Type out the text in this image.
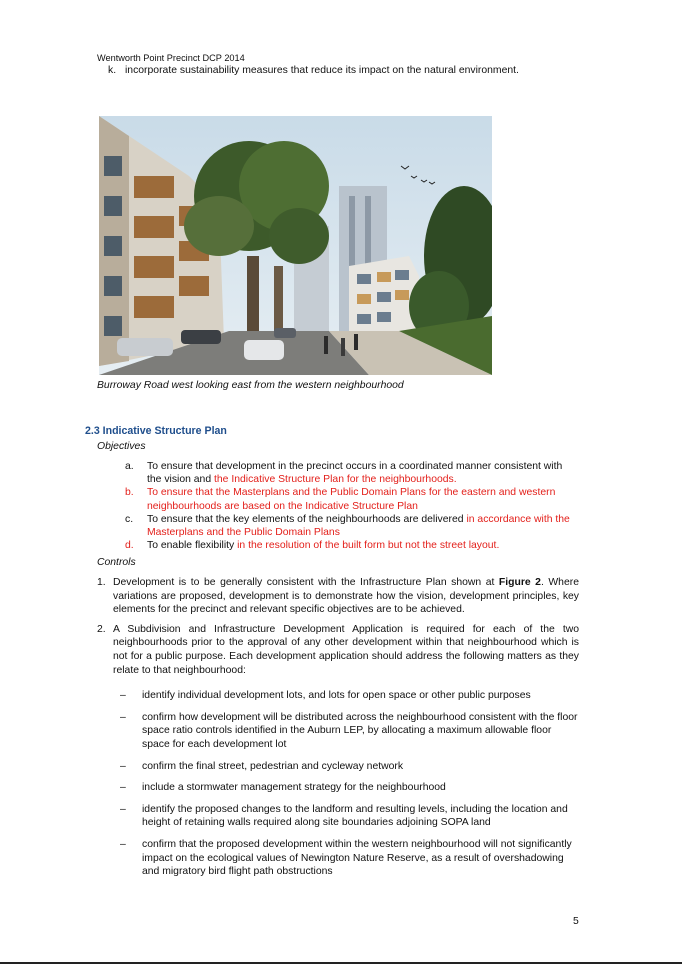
Wentworth Point Precinct DCP 2014
k. incorporate sustainability measures that reduce its impact on the natural environment.
Burroway Road west looking east from the western neighbourhood
2.3 Indicative Structure Plan
Objectives
a.	To ensure that development in the precinct occurs in a coordinated manner consistent with the vision and the Indicative Structure Plan for the neighbourhoods.
b.	To ensure that the Masterplans and the Public Domain Plans for the eastern and western neighbourhoods are based on the Indicative Structure Plan
c.	To ensure that the key elements of the neighbourhoods are delivered in accordance with the Masterplans and the Public Domain Plans
d.	To enable flexibility in the resolution of the built form but not the street layout.
Controls
1. Development is to be generally consistent with the Infrastructure Plan shown at Figure 2. Where variations are proposed, development is to demonstrate how the vision, development principles, key elements for the precinct and relevant specific objectives are to be achieved.
2. A Subdivision and Infrastructure Development Application is required for each of the two neighbourhoods prior to the approval of any other development within that neighbourhood which is not for a public purpose. Each development application should address the following matters as they relate to that neighbourhood:
–	identify individual development lots, and lots for open space or other public purposes
–	confirm how development will be distributed across the neighbourhood consistent with the floor space ratio controls identified in the Auburn LEP, by allocating a maximum allowable floor space for each development lot
–	confirm the final street, pedestrian and cycleway network
–	include a stormwater management strategy for the neighbourhood
–	identify the proposed changes to the landform and resulting levels, including the location and height of retaining walls required along site boundaries adjoining SOPA land
–	confirm that the proposed development within the western neighbourhood will not significantly impact on the ecological values of Newington Nature Reserve, as a result of overshadowing and migratory bird flight path obstructions
5
